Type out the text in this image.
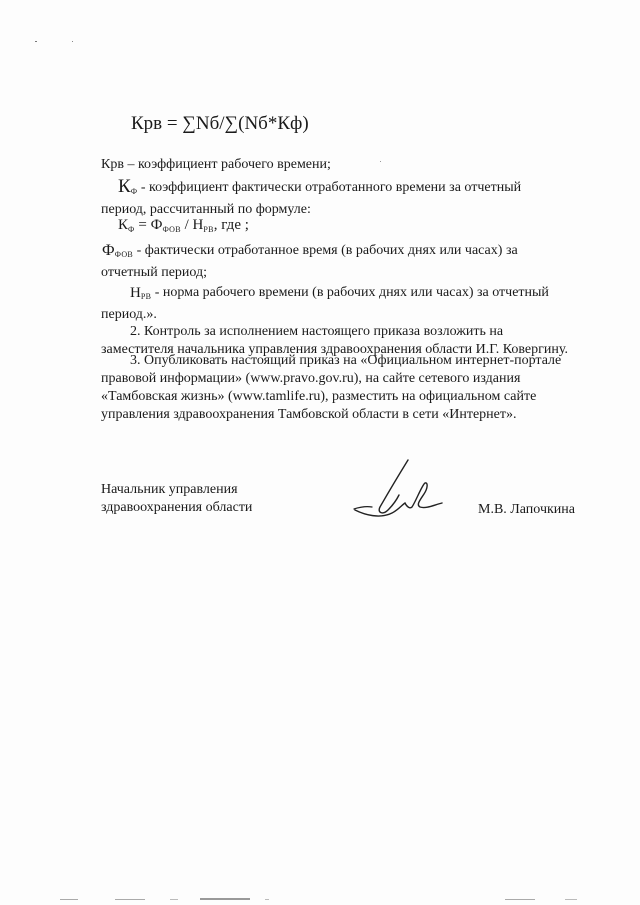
Крв = ∑Nб/∑(Nб*Кф)
Крв – коэффициент рабочего времени;
$К_Ф$ - коэффициент фактически отработанного времени за отчетный
период, рассчитанный по формуле:
$К_Ф = Ф_{ФОВ} / Н_{РВ}$, где ;
$Ф_{ФОВ}$ - фактически отработанное время (в рабочих днях или часах) за
отчетный период;
$Н_{РВ}$ - норма рабочего времени (в рабочих днях или часах) за отчетный
период.».
2. Контроль за исполнением настоящего приказа возложить на
заместителя начальника управления здравоохранения области И.Г. Ковергину.
3. Опубликовать настоящий приказ на «Официальном интернет-портале
правовой информации» (www.pravo.gov.ru), на сайте сетевого издания
«Тамбовская жизнь» (www.tamlife.ru), разместить на официальном сайте
управления здравоохранения Тамбовской области в сети «Интернет».
Начальник управления
здравоохранения области	М.В. Лапочкина
